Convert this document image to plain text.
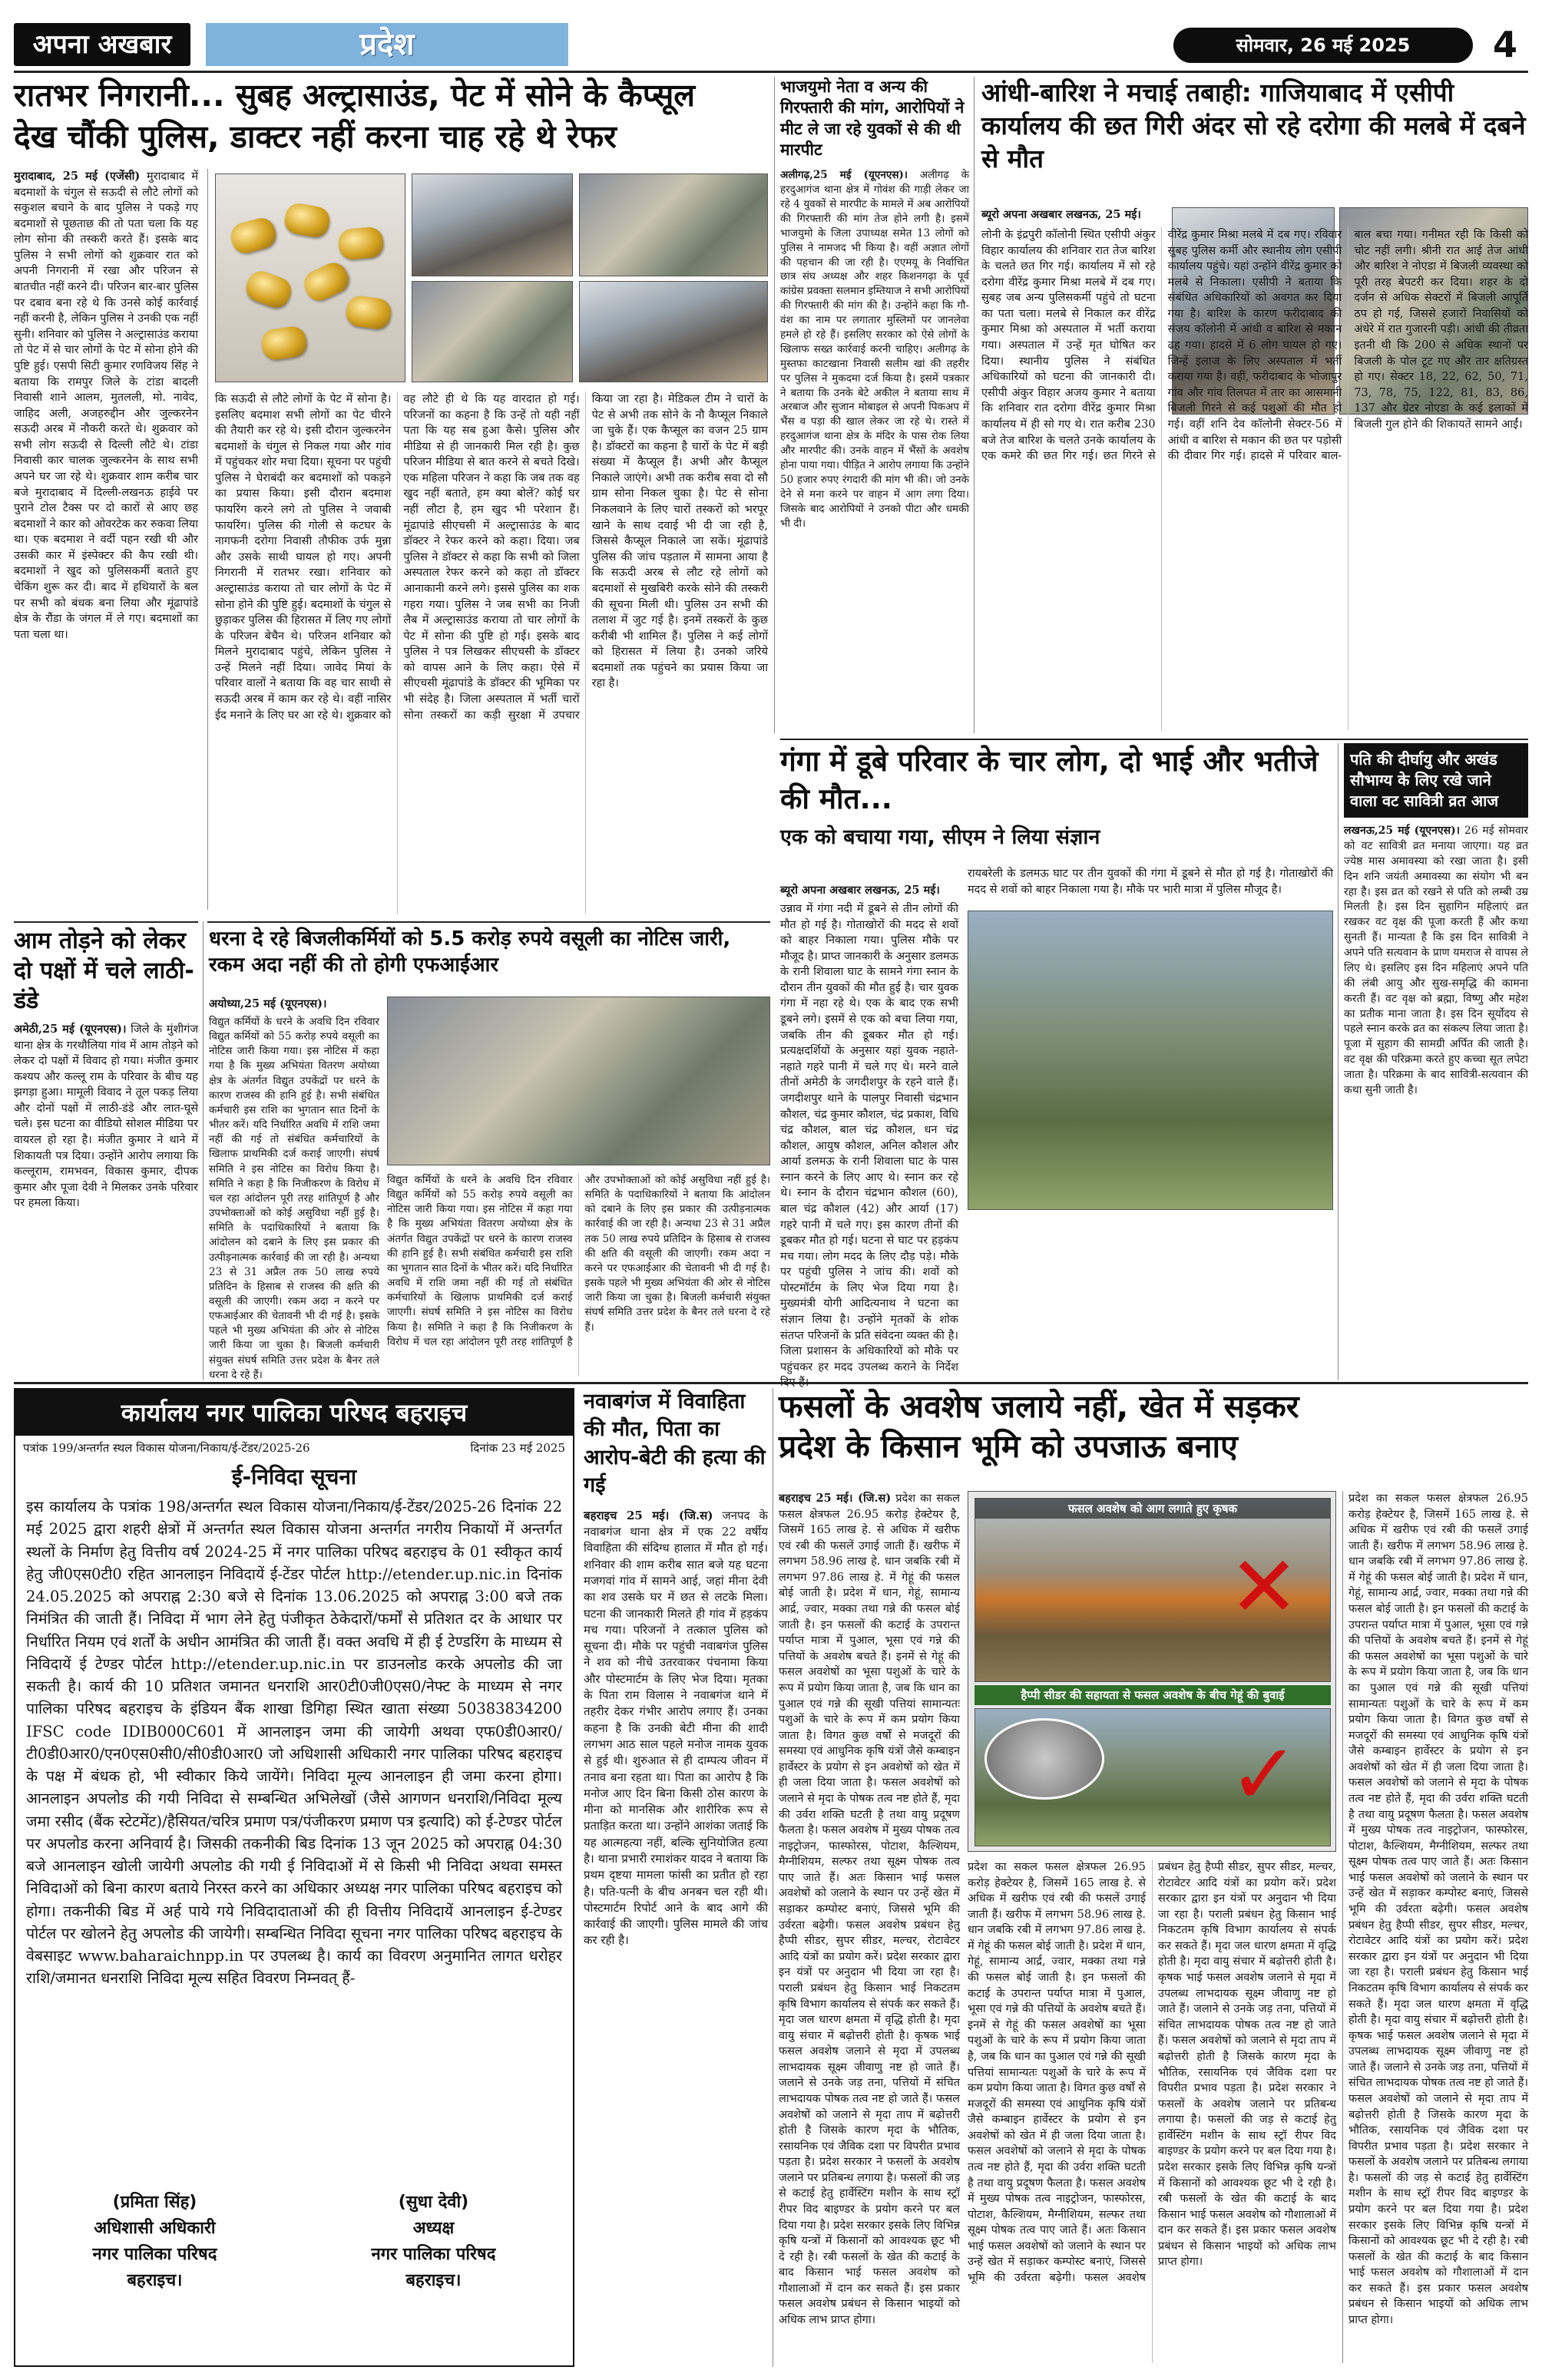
अपना अखबार	प्रदेश	सोमवार, 26 मई 2025	4
रातभर निगरानी... सुबह अल्ट्रासाउंड, पेट में सोने के कैप्सूल
देख चौंकी पुलिस, डाक्टर नहीं करना चाह रहे थे रेफर
मुरादाबाद, 25 मई (एजेंसी) मुरादाबाद में बदमाशों के चंगुल से सऊदी से लौटे लोगों को सकुशल बचाने के बाद पुलिस ने पकड़े गए बदमाशों से पूछताछ की तो पता चला कि यह लोग सोना की तस्करी करते हैं। इसके बाद पुलिस ने सभी लोगों को शुक्रवार रात को अपनी निगरानी में रखा और परिजन से बातचीत नहीं करने दी। परिजन बार-बार पुलिस पर दबाव बना रहे थे कि उनसे कोई कार्रवाई नहीं करनी है, लेकिन पुलिस ने उनकी एक नहीं सुनी। शनिवार को पुलिस ने अल्ट्रासाउंड कराया तो पेट में से चार लोगों के पेट में सोना होने की पुष्टि हुई। एसपी सिटी कुमार रणविजय सिंह ने बताया कि रामपुर जिले के टांडा बादली निवासी शाने आलम, मुतलली, मो. नावेद, जाहिद अली, अजहरुद्दीन और जुल्करनेन सऊदी अरब में नौकरी करते थे। शुक्रवार को सभी लोग सऊदी से दिल्ली लौटे थे। टांडा निवासी कार चालक जुल्करनेन के साथ सभी अपने घर जा रहे थे। शुक्रवार शाम करीब चार बजे मुरादाबाद में दिल्ली-लखनऊ हाईवे पर पुराने टोल टैक्स पर दो कारों से आए छह बदमाशों ने कार को ओवरटेक कर रुकवा लिया था। एक बदमाश ने वर्दी पहन रखी थी और उसकी कार में इंस्पेक्टर की कैप रखी थी। बदमाशों ने खुद को पुलिसकर्मी बताते हुए चेकिंग शुरू कर दी। बाद में हथियारों के बल पर सभी को बंधक बना लिया और मूंढापांडे क्षेत्र के रौंडा के जंगल में ले गए। बदमाशों का पता चला था।
कि सऊदी से लौटे लोगों के पेट में सोना है। इसलिए बदमाश सभी लोगों का पेट चीरने की तैयारी कर रहे थे। इसी दौरान जुल्करनेन बदमाशों के चंगुल से निकल गया और गांव में पहुंचकर शोर मचा दिया। सूचना पर पहुंची पुलिस ने घेराबंदी कर बदमाशों को पकड़ने का प्रयास किया। इसी दौरान बदमाश फायरिंग करने लगे तो पुलिस ने जवाबी फायरिंग। पुलिस की गोली से कटघर के नागफनी दरोगा निवासी तौफीक उर्फ मुन्ना और उसके साथी घायल हो गए। अपनी निगरानी में रातभर रखा। शनिवार को अल्ट्रासाउंड कराया तो चार लोगों के पेट में सोना होने की पुष्टि हुई। बदमाशों के चंगुल से छुड़ाकर पुलिस की हिरासत में लिए गए लोगों के परिजन बेचैन थे। परिजन शनिवार को मिलने मुरादाबाद पहुंचे, लेकिन पुलिस ने उन्हें मिलने नहीं दिया। जावेद मियां के परिवार वालों ने बताया कि वह चार साथी से सऊदी अरब में काम कर रहे थे। वहीं नासिर ईद मनाने के लिए घर आ रहे थे। शुक्रवार को वह लौटे ही थे कि यह वारदात हो गई। परिजनों का कहना है कि उन्हें तो यही नहीं पता कि यह सब हुआ कैसे। पुलिस और मीडिया से ही जानकारी मिल रही है। कुछ परिजन मीडिया से बात करने से बचते दिखे। एक महिला परिजन ने कहा कि जब तक वह खुद नहीं बताते, हम क्या बोलें? कोई घर नहीं लौटा है, हम खुद भी परेशान हैं। मूंढापांडे सीएचसी में अल्ट्रासाउंड के बाद डॉक्टर ने रेफर करने को कहा। दिया। जब पुलिस ने डॉक्टर से कहा कि सभी को जिला अस्पताल रेफर करने को कहा तो डॉक्टर आनाकानी करने लगे। इससे पुलिस का शक गहरा गया। पुलिस ने जब सभी का निजी लैब में अल्ट्रासाउंड कराया तो चार लोगों के पेट में सोना की पुष्टि हो गई। इसके बाद पुलिस ने पत्र लिखकर सीएचसी के डॉक्टर को वापस आने के लिए कहा। ऐसे में सीएचसी मूंढापांडे के डॉक्टर की भूमिका पर भी संदेह है। जिला अस्पताल में भर्ती चारों सोना तस्करों का कड़ी सुरक्षा में उपचार किया जा रहा है। मेडिकल टीम ने चारों के पेट से अभी तक सोने के नौ कैप्सूल निकाले जा चुके हैं। एक कैप्सूल का वजन 25 ग्राम है। डॉक्टरों का कहना है चारों के पेट में बड़ी संख्या में कैप्सूल हैं। अभी और कैप्सूल निकाले जाएंगे। अभी तक करीब सवा दो सौ ग्राम सोना निकल चुका है। पेट से सोना निकलवाने के लिए चारों तस्करों को भरपूर खाने के साथ दवाई भी दी जा रही है, जिससे कैप्सूल निकाले जा सकें। मूंढापांडे पुलिस की जांच पड़ताल में सामना आया है कि सऊदी अरब से लौट रहे लोगों को बदमाशों से मुखबिरी करके सोने की तस्करी की सूचना मिली थी। पुलिस उन सभी की तलाश में जुट गई है। इनमें तस्करों के कुछ करीबी भी शामिल हैं। पुलिस ने कई लोगों को हिरासत में लिया है। उनको जरिये बदमाशों तक पहुंचने का प्रयास किया जा रहा है।
भाजयुमो नेता व अन्य की गिरफ्तारी की मांग, आरोपियों ने मीट ले जा रहे युवकों से की थी मारपीट
अलीगढ़,25 मई (यूएनएस)। अलीगढ़ के हरदुआगंज थाना क्षेत्र में गोवंश की गाड़ी लेकर जा रहे 4 युवकों से मारपीट के मामले में अब आरोपियों की गिरफ्तारी की मांग तेज होने लगी है। इसमें भाजयुमो के जिला उपाध्यक्ष समेत 13 लोगों को पुलिस ने नामजद भी किया है। वहीं अज्ञात लोगों की पहचान की जा रही है। एएमयू के निर्वाचित छात्र संघ अध्यक्ष और शहर किशनगढ़ा के पूर्व कांग्रेस प्रवक्ता सलमान इम्तियाज ने सभी आरोपियों की गिरफ्तारी की मांग की है। उन्होंने कहा कि गौ-वंश का नाम पर लगातार मुस्लिमों पर जानलेवा हमले हो रहे हैं। इसलिए सरकार को ऐसे लोगों के खिलाफ सख्त कार्रवाई करनी चाहिए। अलीगढ़ के मुस्तफा काटखाना निवासी सलीम खां की तहरीर पर पुलिस ने मुकदमा दर्ज किया है। इसमें पत्रकार ने बताया कि उनके बेटे अकील ने बताया साथ में अरबाज और सुजान मोबाइल से अपनी पिकअप में भैंस व पड़ा की खाल लेकर जा रहे थे। रास्ते में हरदुआगंज थाना क्षेत्र के मंदिर के पास रोक लिया और मारपीट की। उनके वाहन में भैंसों के अवशेष होना पाया गया। पीड़ित ने आरोप लगाया कि उन्होंने 50 हजार रुपए रंगदारी की मांग भी की। जो उनके देने से मना करने पर वाहन में आग लगा दिया। जिसके बाद आरोपियों ने उनको पीटा और धमकी भी दी।
आंधी-बारिश ने मचाई तबाही: गाजियाबाद में एसीपी कार्यालय की छत गिरी अंदर सो रहे दरोगा की मलबे में दबने से मौत
ब्यूरो अपना अखबार लखनऊ, 25 मई।
लोनी के इंद्रपुरी कॉलोनी स्थित एसीपी अंकुर विहार कार्यालय की शनिवार रात तेज बारिश के चलते छत गिर गई। कार्यालय में सो रहे दरोगा वीरेंद्र कुमार मिश्रा मलबे में दब गए। सुबह जब अन्य पुलिसकर्मी पहुंचे तो घटना का पता चला। मलबे से निकाल कर वीरेंद्र कुमार मिश्रा को अस्पताल में भर्ती कराया गया। अस्पताल में उन्हें मृत घोषित कर दिया। स्थानीय पुलिस ने संबंधित अधिकारियों को घटना की जानकारी दी। एसीपी अंकुर विहार अजय कुमार ने बताया कि शनिवार रात दरोगा वीरेंद्र कुमार मिश्रा कार्यालय में ही सो गए थे। रात करीब 230 बजे तेज बारिश के चलते उनके कार्यालय के एक कमरे की छत गिर गई। छत गिरने से वीरेंद्र कुमार मिश्रा मलबे में दब गए। रविवार सुबह पुलिस कर्मी और स्थानीय लोग एसीपी कार्यालय पहुंचे। यहां उन्होंने वीरेंद्र कुमार को मलबे से निकाला। एसीपी ने बताया कि संबंधित अधिकारियों को अवगत कर दिया गया है। बारिश के कारण फरीदाबाद की संजय कॉलोनी में आंधी व बारिश से मकान ढह गया। हादसे में 6 लोग घायल हो गए। जिन्हें इलाज के लिए अस्पताल में भर्ती कराया गया है। वहीं, फरीदाबाद के भोजापुर गांव और गांव तिलपत में तार का आसमानी बिजली गिरने से कई पशुओं की मौत हो गई। वहीं शनि देव कॉलोनी सेक्टर-56 में आंधी व बारिश से मकान की छत पर पड़ोसी की दीवार गिर गई। हादसे में परिवार बाल-बाल बचा गया। गनीमत रही कि किसी को चोट नहीं लगी। श्रीनी रात आई तेज आंधी और बारिश ने नोएडा में बिजली व्यवस्था को पूरी तरह बेपटरी कर दिया। शहर के दो दर्जन से अधिक सेक्टरों में बिजली आपूर्ति ठप हो गई, जिससे हजारों निवासियों को अंधेरे में रात गुजारनी पड़ी। आंधी की तीव्रता इतनी थी कि 200 से अधिक स्थानों पर बिजली के पोल टूट गए और तार क्षतिग्रस्त हो गए। सेक्टर 18, 22, 62, 50, 71, 73, 78, 75, 122, 81, 83, 86, 137 और ग्रेटर नोएडा के कई इलाकों में बिजली गुल होने की शिकायतें सामने आईं।
गंगा में डूबे परिवार के चार लोग, दो भाई और भतीजे की मौत...
एक को बचाया गया, सीएम ने लिया संज्ञान
ब्यूरो अपना अखबार लखनऊ, 25 मई।
रायबरेली के डलमऊ घाट पर तीन युवकों की गंगा में डूबने से मौत हो गई है। गोताखोरों की मदद से शवों को बाहर निकाला गया है। मौके पर भारी मात्रा में पुलिस मौजूद है।
उन्नाव में गंगा नदी में डूबने से तीन लोगों की मौत हो गई है। गोताखोरों की मदद से शवों को बाहर निकाला गया। पुलिस मौके पर मौजूद है। प्राप्त जानकारी के अनुसार डलमऊ के रानी शिवाला घाट के सामने गंगा स्नान के दौरान तीन युवकों की मौत हुई है। चार युवक गंगा में नहा रहे थे। एक के बाद एक सभी डूबने लगे। इसमें से एक को बचा लिया गया, जबकि तीन की डूबकर मौत हो गई। प्रत्यक्षदर्शियों के अनुसार यहां युवक नहाते-नहाते गहरे पानी में चले गए थे। मरने वाले तीनों अमेठी के जगदीशपुर के रहने वाले हैं। जगदीशपुर थाने के पालपुर निवासी चंद्रभान कौशल, चंद्र कुमार कौशल, चंद्र प्रकाश, विधि चंद्र कौशल, बाल चंद्र कौशल, धन चंद्र कौशल, आयुष कौशल, अनिल कौशल और आर्या डलमऊ के रानी शिवाला घाट के पास स्नान करने के लिए आए थे। स्नान कर रहे थे। स्नान के दौरान चंद्रभान कौशल (60), बाल चंद्र कौशल (42) और आर्या (17) गहरे पानी में चले गए। इस कारण तीनों की डूबकर मौत हो गई। घटना से घाट पर हड़कंप मच गया। लोग मदद के लिए दौड़ पड़े। मौके पर पहुंची पुलिस ने जांच की। शवों को पोस्टमॉर्टम के लिए भेज दिया गया है। मुख्यमंत्री योगी आदित्यनाथ ने घटना का संज्ञान लिया है। उन्होंने मृतकों के शोक संतप्त परिजनों के प्रति संवेदना व्यक्त की है। जिला प्रशासन के अधिकारियों को मौके पर पहुंचकर हर मदद उपलब्ध कराने के निर्देश
पति की दीर्घायु और अखंड सौभाग्य के लिए रखे जाने वाला वट सावित्री व्रत आज
लखनऊ,25 मई (यूएनएस)। 26 मई सोमवार को वट सावित्री व्रत मनाया जाएगा। यह व्रत ज्येष्ठ मास अमावस्या को रखा जाता है। इसी दिन शनि जयंती अमावस्या का संयोग भी बन रहा है। इस व्रत को रखने से पति को लम्बी उम्र मिलती है। इस दिन सुहागिन महिलाएं व्रत रखकर वट वृक्ष की पूजा करती हैं और कथा सुनती हैं। मान्यता है कि इस दिन सावित्री ने अपने पति सत्यवान के प्राण यमराज से वापस ले लिए थे। इसलिए इस दिन महिलाएं अपने पति की लंबी आयु और सुख-समृद्धि की कामना करती हैं। वट वृक्ष को ब्रह्मा, विष्णु और महेश का प्रतीक माना जाता है। इस दिन सूर्योदय से पहले स्नान करके व्रत का संकल्प लिया जाता है। पूजा में सुहाग की सामग्री अर्पित की जाती है। वट वृक्ष की परिक्रमा करते हुए कच्चा सूत लपेटा जाता है। परिक्रमा के बाद सावित्री-सत्यवान की कथा सुनी जाती है।
आम तोड़ने को लेकर दो पक्षों में चले लाठी-डंडे
अमेठी,25 मई (यूएनएस)। जिले के मुंशीगंज थाना क्षेत्र के गरथौलिया गांव में आम तोड़ने को लेकर दो पक्षों में विवाद हो गया। मंजीत कुमार कश्यप और कल्लू राम के परिवार के बीच यह झगड़ा हुआ। मामूली विवाद ने तूल पकड़ लिया और दोनों पक्षों में लाठी-डंडे और लात-घूसे चले। इस घटना का वीडियो सोशल मीडिया पर वायरल हो रहा है। मंजीत कुमार ने थाने में शिकायती पत्र दिया। उन्होंने आरोप लगाया कि कल्लूराम, रामभवन, विकास कुमार, दीपक कुमार और पूजा देवी ने मिलकर उनके परिवार पर हमला किया।
धरना दे रहे बिजलीकर्मियों को 5.5 करोड़ रुपये वसूली का नोटिस जारी, रकम अदा नहीं की तो होगी एफआईआर
अयोध्या,25 मई (यूएनएस)।
विद्युत कर्मियों के धरने के अवधि दिन रविवार विद्युत कर्मियों को 55 करोड़ रुपये वसूली का नोटिस जारी किया गया। इस नोटिस में कहा गया है कि मुख्य अभियंता वितरण अयोध्या क्षेत्र के अंतर्गत विद्युत उपकेंद्रों पर धरने के कारण राजस्व की हानि हुई है। सभी संबंधित कर्मचारी इस राशि का भुगतान सात दिनों के भीतर करें। यदि निर्धारित अवधि में राशि जमा नहीं की गई तो संबंधित कर्मचारियों के खिलाफ प्राथमिकी दर्ज कराई जाएगी। संघर्ष समिति ने इस नोटिस का विरोध किया है। समिति ने कहा है कि निजीकरण के विरोध में चल रहा आंदोलन पूरी तरह शांतिपूर्ण है और उपभोक्ताओं को कोई असुविधा नहीं हुई है। समिति के पदाधिकारियों ने बताया कि आंदोलन को दबाने के लिए इस प्रकार की उत्पीड़नात्मक कार्रवाई की जा रही है। अन्यथा 23 से 31 अप्रैल तक 50 लाख रुपये प्रतिदिन के हिसाब से राजस्व की क्षति की वसूली की जाएगी। रकम अदा न करने पर एफआईआर की चेतावनी भी दी गई है। इसके पहले भी मुख्य अभियंता की ओर से नोटिस जारी किया जा चुका है। बिजली कर्मचारी संयुक्त संघर्ष समिति उत्तर प्रदेश के बैनर तले धरना दे रहे हैं।
विद्युत कर्मियों के धरने के अवधि दिन रविवार विद्युत कर्मियों को 55 करोड़ रुपये वसूली का नोटिस जारी किया गया। इस नोटिस में कहा गया है कि मुख्य अभियंता वितरण अयोध्या क्षेत्र के अंतर्गत विद्युत उपकेंद्रों पर धरने के कारण राजस्व की हानि हुई है। सभी संबंधित कर्मचारी इस राशि का भुगतान सात दिनों के भीतर करें। यदि निर्धारित अवधि में राशि जमा नहीं की गई तो संबंधित कर्मचारियों के खिलाफ प्राथमिकी दर्ज कराई जाएगी। संघर्ष समिति ने इस नोटिस का विरोध किया है। समिति ने कहा है कि निजीकरण के विरोध में चल रहा आंदोलन पूरी तरह शांतिपूर्ण है और उपभोक्ताओं को कोई असुविधा नहीं हुई है। समिति के पदाधिकारियों ने बताया कि आंदोलन को दबाने के लिए इस प्रकार की उत्पीड़नात्मक कार्रवाई की जा रही है। अन्यथा 23 से 31 अप्रैल तक 50 लाख रुपये प्रतिदिन के हिसाब से राजस्व की क्षति की वसूली की जाएगी। रकम अदा न करने पर एफआईआर की चेतावनी भी दी गई है। इसके पहले भी मुख्य अभियंता की ओर से नोटिस जारी किया जा चुका है। बिजली कर्मचारी संयुक्त संघर्ष समिति उत्तर प्रदेश के बैनर तले धरना दे रहे हैं।
कार्यालय नगर पालिका परिषद बहराइच
पत्रांक 199/अन्तर्गत स्थल विकास योजना/निकाय/ई-टेंडर/2025-26	दिनांक 23 मई 2025
ई-निविदा सूचना
इस कार्यालय के पत्रांक 198/अन्तर्गत स्थल विकास योजना/निकाय/ई-टेंडर/2025-26 दिनांक 22 मई 2025 द्वारा शहरी क्षेत्रों में अन्तर्गत स्थल विकास योजना अन्तर्गत नगरीय निकायों में अन्तर्गत स्थलों के निर्माण हेतु वित्तीय वर्ष 2024-25 में नगर पालिका परिषद बहराइच के 01 स्वीकृत कार्य हेतु जी0एस0टी0 रहित आनलाइन निविदायें ई-टेंडर पोर्टल http://etender.up.nic.in दिनांक 24.05.2025 को अपराह्न 2:30 बजे से दिनांक 13.06.2025 को अपराह्न 3:00 बजे तक निमंत्रित की जाती हैं। निविदा में भाग लेने हेतु पंजीकृत ठेकेदारों/फर्मों से प्रतिशत दर के आधार पर निर्धारित नियम एवं शर्तों के अधीन आमंत्रित की जाती हैं। वक्त अवधि में ही ई टेण्डरिंग के माध्यम से निविदायें ई टेण्डर पोर्टल http://etender.up.nic.in पर डाउनलोड करके अपलोड की जा सकती है। कार्य की 10 प्रतिशत जमानत धनराशि आर0टी0जी0एस0/नेफ्ट के माध्यम से नगर पालिका परिषद बहराइच के इंडियन बैंक शाखा डिगिहा स्थित खाता संख्या 50383834200 IFSC code IDIB000C601 में आनलाइन जमा की जायेगी अथवा एफ0डी0आर0/टी0डी0आर0/एन0एस0सी0/सी0डी0आर0 जो अधिशासी अधिकारी नगर पालिका परिषद बहराइच के पक्ष में बंधक हो, भी स्वीकार किये जायेंगे। निविदा मूल्य आनलाइन ही जमा करना होगा। आनलाइन अपलोड की गयी निविदा से सम्बन्धित अभिलेखों (जैसे आगणन धनराशि/निविदा मूल्य जमा रसीद (बैंक स्टेटमेंट)/हैसियत/चरित्र प्रमाण पत्र/पंजीकरण प्रमाण पत्र इत्यादि) को ई-टेण्डर पोर्टल पर अपलोड करना अनिवार्य है। जिसकी तकनीकी बिड दिनांक 13 जून 2025 को अपराह्न 04:30 बजे आनलाइन खोली जायेगी अपलोड की गयी ई निविदाओं में से किसी भी निविदा अथवा समस्त निविदाओं को बिना कारण बताये निरस्त करने का अधिकार अध्यक्ष नगर पालिका परिषद बहराइच को होगा। तकनीकी बिड में अर्ह पाये गये निविदादाताओं की ही वित्तीय निविदायें आनलाइन ई-टेण्डर पोर्टल पर खोलने हेतु अपलोड की जायेगी। सम्बन्धित निविदा सूचना नगर पालिका परिषद बहराइच के वेबसाइट www.baharaichnpp.in पर उपलब्ध है। कार्य का विवरण अनुमानित लागत धरोहर राशि/जमानत धनराशि निविदा मूल्य सहित विवरण निम्नवत् हैं-
(प्रमिता सिंह)
अधिशासी अधिकारी
नगर पालिका परिषद
बहराइच।
(सुधा देवी)
अध्यक्ष
नगर पालिका परिषद
बहराइच।
नवाबगंज में विवाहिता की मौत, पिता का आरोप-बेटी की हत्या की गई
बहराइच 25 मई। (जि.स) जनपद के नवाबगंज थाना क्षेत्र में एक 22 वर्षीय विवाहिता की संदिग्ध हालात में मौत हो गई। शनिवार की शाम करीब सात बजे यह घटना मजगवां गांव में सामने आई, जहां मीना देवी का शव उसके घर में छत से लटके मिला। घटना की जानकारी मिलते ही गांव में हड़कंप मच गया। परिजनों ने तत्काल पुलिस को सूचना दी। मौके पर पहुंची नवाबगंज पुलिस ने शव को नीचे उतरवाकर पंचनामा किया और पोस्टमार्टम के लिए भेज दिया। मृतका के पिता राम विलास ने नवाबगंज थाने में तहरीर देकर गंभीर आरोप लगाए हैं। उनका कहना है कि उनकी बेटी मीना की शादी लगभग आठ साल पहले मनोज नामक युवक से हुई थी। शुरुआत से ही दाम्पत्य जीवन में तनाव बना रहता था। पिता का आरोप है कि मनोज आए दिन बिना किसी ठोस कारण के मीना को मानसिक और शारीरिक रूप से प्रताड़ित करता था। उन्होंने आशंका जताई कि यह आत्महत्या नहीं, बल्कि सुनियोजित हत्या है। थाना प्रभारी रमाशंकर यादव ने बताया कि प्रथम दृष्टया मामला फांसी का प्रतीत हो रहा है। पति-पत्नी के बीच अनबन चल रही थी। पोस्टमार्टम रिपोर्ट आने के बाद आगे की कार्रवाई की जाएगी। पुलिस मामले की जांच कर रही है।
फसलों के अवशेष जलाये नहीं, खेत में सड़कर
प्रदेश के किसान भूमि को उपजाऊ बनाए
फसल अवशेष को आग लगाते हुए कृषक
✕
हैप्पी सीडर की सहायता से फसल अवशेष के बीच गेहूं की बुवाई
✓
बहराइच 25 मई। (जि.स) प्रदेश का सकल फसल क्षेत्रफल 26.95 करोड़ हेक्टेयर है, जिसमें 165 लाख हे. से अधिक में खरीफ एवं रबी की फसलें उगाई जाती हैं। खरीफ में लगभग 58.96 लाख हे. धान जबकि रबी में लगभग 97.86 लाख हे. में गेहूं की फसल बोई जाती है। प्रदेश में धान, गेहूं, सामान्य आर्द्र, ज्वार, मक्का तथा गन्ने की फसल बोई जाती है। इन फसलों की कटाई के उपरान्त पर्याप्त मात्रा में पुआल, भूसा एवं गन्ने की पत्तियों के अवशेष बचते हैं। इनमें से गेहूं की फसल अवशेषों का भूसा पशुओं के चारे के रूप में प्रयोग किया जाता है, जब कि धान का पुआल एवं गन्ने की सूखी पत्तियां सामान्यतः पशुओं के चारे के रूप में कम प्रयोग किया जाता है। विगत कुछ वर्षों से मजदूरों की समस्या एवं आधुनिक कृषि यंत्रों जैसे कम्बाइन हार्वेस्टर के प्रयोग से इन अवशेषों को खेत में ही जला दिया जाता है। फसल अवशेषों को जलाने से मृदा के पोषक तत्व नष्ट होते हैं, मृदा की उर्वरा शक्ति घटती है तथा वायु प्रदूषण फैलता है। फसल अवशेष में मुख्य पोषक तत्व नाइट्रोजन, फास्फोरस, पोटाश, कैल्शियम, मैग्नीशियम, सल्फर तथा सूक्ष्म पोषक तत्व पाए जाते हैं। अतः किसान भाई फसल अवशेषों को जलाने के स्थान पर उन्हें खेत में सड़ाकर कम्पोस्ट बनाएं, जिससे भूमि की उर्वरता बढ़ेगी। फसल अवशेष प्रबंधन हेतु हैप्पी सीडर, सुपर सीडर, मल्चर, रोटावेटर आदि यंत्रों का प्रयोग करें। प्रदेश सरकार द्वारा इन यंत्रों पर अनुदान भी दिया जा रहा है। पराली प्रबंधन हेतु किसान भाई निकटतम कृषि विभाग कार्यालय से संपर्क कर सकते हैं। मृदा जल धारण क्षमता में वृद्धि होती है। मृदा वायु संचार में बढ़ोत्तरी होती है। कृषक भाई फसल अवशेष जलाने से मृदा में उपलब्ध लाभदायक सूक्ष्म जीवाणु नष्ट हो जाते हैं। जलाने से उनके जड़ तना, पत्तियों में संचित लाभदायक पोषक तत्व नष्ट हो जाते हैं। फसल अवशेषों को जलाने से मृदा ताप में बढ़ोत्तरी होती है जिसके कारण मृदा के भौतिक, रसायनिक एवं जैविक दशा पर विपरीत प्रभाव पड़ता है। प्रदेश सरकार ने फसलों के अवशेष जलाने पर प्रतिबन्ध लगाया है। फसलों की जड़ से कटाई हेतु हार्वेस्टिंग मशीन के साथ स्ट्रॉ रीपर विद बाइण्डर के प्रयोग करने पर बल दिया गया है। प्रदेश सरकार इसके लिए विभिन्न कृषि यन्त्रों में किसानों को आवश्यक छूट भी दे रही है। रबी फसलों के खेत की कटाई के बाद किसान भाई फसल अवशेष को गौशालाओं में दान कर सकते हैं। इस प्रकार फसल अवशेष प्रबंधन से किसान भाइयों को अधिक लाभ प्राप्त होगा।
प्रदेश का सकल फसल क्षेत्रफल 26.95 करोड़ हेक्टेयर है, जिसमें 165 लाख हे. से अधिक में खरीफ एवं रबी की फसलें उगाई जाती हैं। खरीफ में लगभग 58.96 लाख हे. धान जबकि रबी में लगभग 97.86 लाख हे. में गेहूं की फसल बोई जाती है। प्रदेश में धान, गेहूं, सामान्य आर्द्र, ज्वार, मक्का तथा गन्ने की फसल बोई जाती है। इन फसलों की कटाई के उपरान्त पर्याप्त मात्रा में पुआल, भूसा एवं गन्ने की पत्तियों के अवशेष बचते हैं। इनमें से गेहूं की फसल अवशेषों का भूसा पशुओं के चारे के रूप में प्रयोग किया जाता है, जब कि धान का पुआल एवं गन्ने की सूखी पत्तियां सामान्यतः पशुओं के चारे के रूप में कम प्रयोग किया जाता है। विगत कुछ वर्षों से मजदूरों की समस्या एवं आधुनिक कृषि यंत्रों जैसे कम्बाइन हार्वेस्टर के प्रयोग से इन अवशेषों को खेत में ही जला दिया जाता है। फसल अवशेषों को जलाने से मृदा के पोषक तत्व नष्ट होते हैं, मृदा की उर्वरा शक्ति घटती है तथा वायु प्रदूषण फैलता है। फसल अवशेष में मुख्य पोषक तत्व नाइट्रोजन, फास्फोरस, पोटाश, कैल्शियम, मैग्नीशियम, सल्फर तथा सूक्ष्म पोषक तत्व पाए जाते हैं। अतः किसान भाई फसल अवशेषों को जलाने के स्थान पर उन्हें खेत में सड़ाकर कम्पोस्ट बनाएं, जिससे भूमि की उर्वरता बढ़ेगी। फसल अवशेष प्रबंधन हेतु हैप्पी सीडर, सुपर सीडर, मल्चर, रोटावेटर आदि यंत्रों का प्रयोग करें। प्रदेश सरकार द्वारा इन यंत्रों पर अनुदान भी दिया जा रहा है। पराली प्रबंधन हेतु किसान भाई निकटतम कृषि विभाग कार्यालय से संपर्क कर सकते हैं। मृदा जल धारण क्षमता में वृद्धि होती है। मृदा वायु संचार में बढ़ोत्तरी होती है। कृषक भाई फसल अवशेष जलाने से मृदा में उपलब्ध लाभदायक सूक्ष्म जीवाणु नष्ट हो जाते हैं। जलाने से उनके जड़ तना, पत्तियों में संचित लाभदायक पोषक तत्व नष्ट हो जाते हैं। फसल अवशेषों को जलाने से मृदा ताप में बढ़ोत्तरी होती है जिसके कारण मृदा के भौतिक, रसायनिक एवं जैविक दशा पर विपरीत प्रभाव पड़ता है। प्रदेश सरकार ने फसलों के अवशेष जलाने पर प्रतिबन्ध लगाया है। फसलों की जड़ से कटाई हेतु हार्वेस्टिंग मशीन के साथ स्ट्रॉ रीपर विद बाइण्डर के प्रयोग करने पर बल दिया गया है। प्रदेश सरकार इसके लिए विभिन्न कृषि यन्त्रों में किसानों को आवश्यक छूट भी दे रही है। रबी फसलों के खेत की कटाई के बाद किसान भाई फसल अवशेष को गौशालाओं में दान कर सकते हैं। इस प्रकार फसल अवशेष प्रबंधन से किसान भाइयों को अधिक लाभ प्राप्त होगा।
प्रदेश का सकल फसल क्षेत्रफल 26.95 करोड़ हेक्टेयर है, जिसमें 165 लाख हे. से अधिक में खरीफ एवं रबी की फसलें उगाई जाती हैं। खरीफ में लगभग 58.96 लाख हे. धान जबकि रबी में लगभग 97.86 लाख हे. में गेहूं की फसल बोई जाती है। प्रदेश में धान, गेहूं, सामान्य आर्द्र, ज्वार, मक्का तथा गन्ने की फसल बोई जाती है। इन फसलों की कटाई के उपरान्त पर्याप्त मात्रा में पुआल, भूसा एवं गन्ने की पत्तियों के अवशेष बचते हैं। इनमें से गेहूं की फसल अवशेषों का भूसा पशुओं के चारे के रूप में प्रयोग किया जाता है, जब कि धान का पुआल एवं गन्ने की सूखी पत्तियां सामान्यतः पशुओं के चारे के रूप में कम प्रयोग किया जाता है। विगत कुछ वर्षों से मजदूरों की समस्या एवं आधुनिक कृषि यंत्रों जैसे कम्बाइन हार्वेस्टर के प्रयोग से इन अवशेषों को खेत में ही जला दिया जाता है। फसल अवशेषों को जलाने से मृदा के पोषक तत्व नष्ट होते हैं, मृदा की उर्वरा शक्ति घटती है तथा वायु प्रदूषण फैलता है। फसल अवशेष में मुख्य पोषक तत्व नाइट्रोजन, फास्फोरस, पोटाश, कैल्शियम, मैग्नीशियम, सल्फर तथा सूक्ष्म पोषक तत्व पाए जाते हैं। अतः किसान भाई फसल अवशेषों को जलाने के स्थान पर उन्हें खेत में सड़ाकर कम्पोस्ट बनाएं, जिससे भूमि की उर्वरता बढ़ेगी। फसल अवशेष प्रबंधन हेतु हैप्पी सीडर, सुपर सीडर, मल्चर, रोटावेटर आदि यंत्रों का प्रयोग करें। प्रदेश सरकार द्वारा इन यंत्रों पर अनुदान भी दिया जा रहा है। पराली प्रबंधन हेतु किसान भाई निकटतम कृषि विभाग कार्यालय से संपर्क कर सकते हैं। मृदा जल धारण क्षमता में वृद्धि होती है। मृदा वायु संचार में बढ़ोत्तरी होती है। कृषक भाई फसल अवशेष जलाने से मृदा में उपलब्ध लाभदायक सूक्ष्म जीवाणु नष्ट हो जाते हैं। जलाने से उनके जड़ तना, पत्तियों में संचित लाभदायक पोषक तत्व नष्ट हो जाते हैं। फसल अवशेषों को जलाने से मृदा ताप में बढ़ोत्तरी होती है जिसके कारण मृदा के भौतिक, रसायनिक एवं जैविक दशा पर विपरीत प्रभाव पड़ता है। प्रदेश सरकार ने फसलों के अवशेष जलाने पर प्रतिबन्ध लगाया है। फसलों की जड़ से कटाई हेतु हार्वेस्टिंग मशीन के साथ स्ट्रॉ रीपर विद बाइण्डर के प्रयोग करने पर बल दिया गया है। प्रदेश सरकार इसके लिए विभिन्न कृषि यन्त्रों में किसानों को आवश्यक छूट भी दे रही है। रबी फसलों के खेत की कटाई के बाद किसान भाई फसल अवशेष को गौशालाओं में दान कर सकते हैं। इस प्रकार फसल अवशेष प्रबंधन से किसान भाइयों को अधिक लाभ प्राप्त होगा।
